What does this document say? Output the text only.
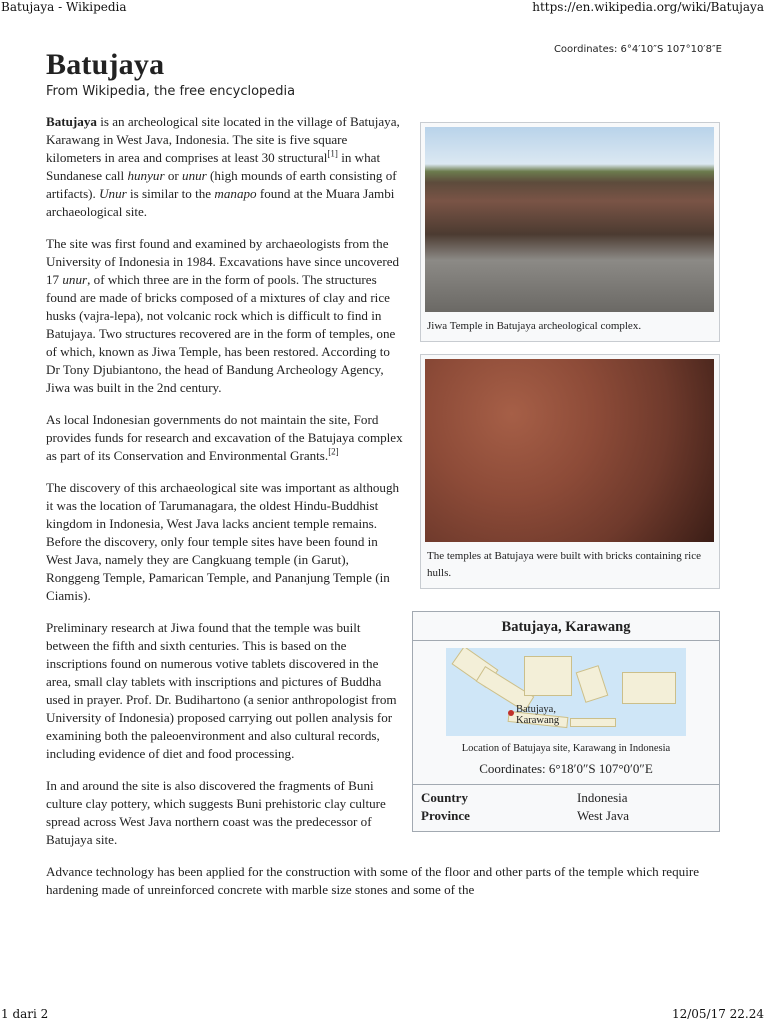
Batujaya - Wikipedia	https://en.wikipedia.org/wiki/Batujaya
Coordinates: 6°4′10″S 107°10′8″E
Batujaya
From Wikipedia, the free encyclopedia
Jiwa Temple in Batujaya archeological complex.
The temples at Batujaya were built with bricks containing rice hulls.
Batujaya, Karawang
Batujaya,
Karawang
Location of Batujaya site, Karawang in Indonesia
Coordinates: 6°18′0″S 107°0′0″E
Country	Indonesia
Province	West Java

Batujaya is an archeological site located in the village of Batujaya, Karawang in West Java, Indonesia. The site is five square kilometers in area and comprises at least 30 structural[1] in what Sundanese call hunyur or unur (high mounds of earth consisting of artifacts). Unur is similar to the manapo found at the Muara Jambi archaeological site.

The site was first found and examined by archaeologists from the University of Indonesia in 1984. Excavations have since uncovered 17 unur, of which three are in the form of pools. The structures found are made of bricks composed of a mixtures of clay and rice husks (vajra-lepa), not volcanic rock which is difficult to find in Batujaya. Two structures recovered are in the form of temples, one of which, known as Jiwa Temple, has been restored. According to Dr Tony Djubiantono, the head of Bandung Archeology Agency, Jiwa was built in the 2nd century.

As local Indonesian governments do not maintain the site, Ford provides funds for research and excavation of the Batujaya complex as part of its Conservation and Environmental Grants.[2]

The discovery of this archaeological site was important as although it was the location of Tarumanagara, the oldest Hindu-Buddhist kingdom in Indonesia, West Java lacks ancient temple remains. Before the discovery, only four temple sites have been found in West Java, namely they are Cangkuang temple (in Garut), Ronggeng Temple, Pamarican Temple, and Pananjung Temple (in Ciamis).

Preliminary research at Jiwa found that the temple was built between the fifth and sixth centuries. This is based on the inscriptions found on numerous votive tablets discovered in the area, small clay tablets with inscriptions and pictures of Buddha used in prayer. Prof. Dr. Budihartono (a senior anthropologist from University of Indonesia) proposed carrying out pollen analysis for examining both the paleoenvironment and also cultural records, including evidence of diet and food processing.

In and around the site is also discovered the fragments of Buni culture clay pottery, which suggests Buni prehistoric clay culture spread across West Java northern coast was the predecessor of Batujaya site.

Advance technology has been applied for the construction with some of the floor and other parts of the temple which require hardening made of unreinforced concrete with marble size stones and some of the

1 dari 2	12/05/17 22.24
